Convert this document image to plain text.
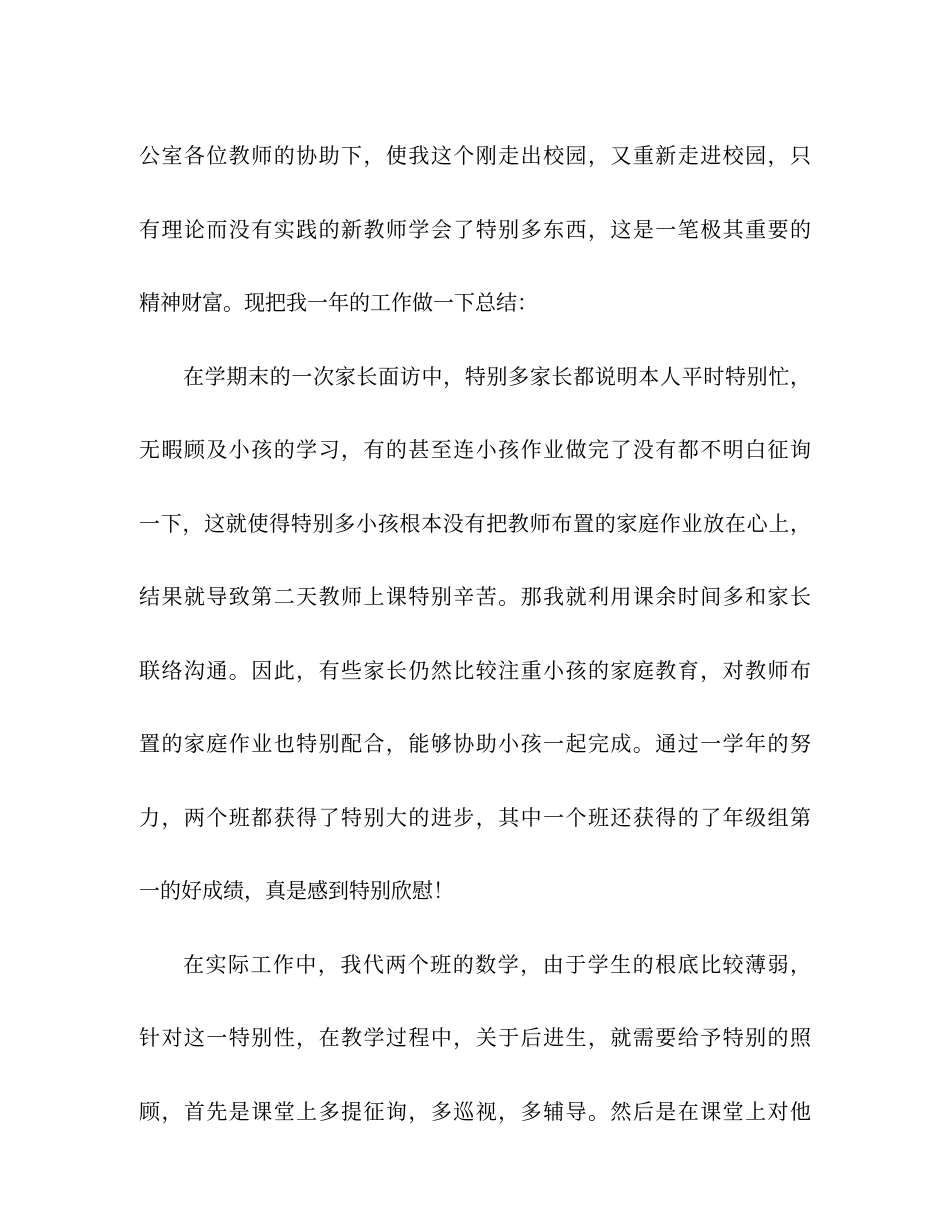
公室各位教师的协助下，使我这个刚走出校园，又重新走进校园，只
有理论而没有实践的新教师学会了特别多东西，这是一笔极其重要的
精神财富。现把我一年的工作做一下总结：
在学期末的一次家长面访中，特别多家长都说明本人平时特别忙，
无暇顾及小孩的学习，有的甚至连小孩作业做完了没有都不明白征询
一下，这就使得特别多小孩根本没有把教师布置的家庭作业放在心上，
结果就导致第二天教师上课特别辛苦。那我就利用课余时间多和家长
联络沟通。因此，有些家长仍然比较注重小孩的家庭教育，对教师布
置的家庭作业也特别配合，能够协助小孩一起完成。通过一学年的努
力，两个班都获得了特别大的进步，其中一个班还获得的了年级组第
一的好成绩，真是感到特别欣慰！
在实际工作中，我代两个班的数学，由于学生的根底比较薄弱，
针对这一特别性，在教学过程中，关于后进生，就需要给予特别的照
顾，首先是课堂上多提征询，多巡视，多辅导。然后是在课堂上对他
